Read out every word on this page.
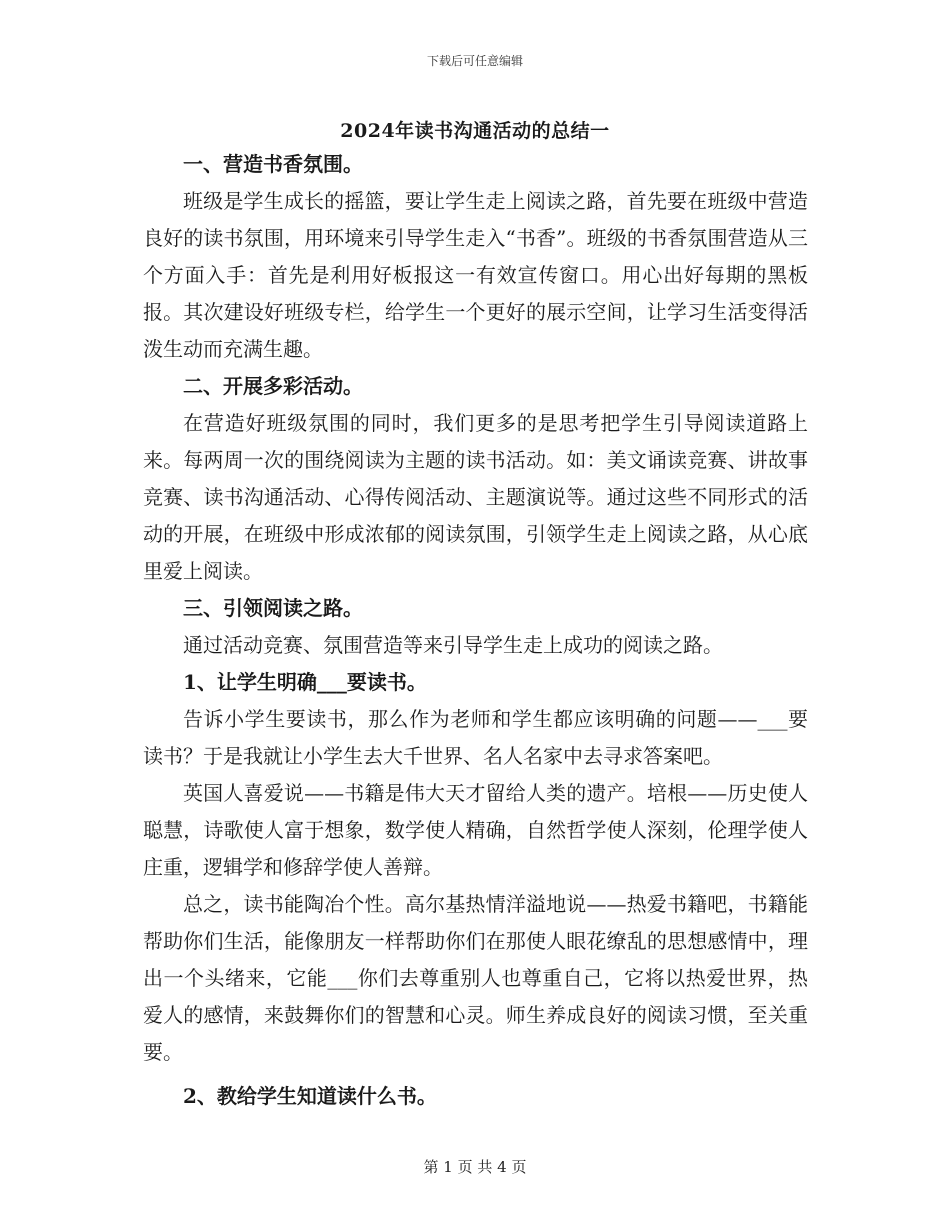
下载后可任意编辑
2024年读书沟通活动的总结一

一、营造书香氛围。

班级是学生成长的摇篮，要让学生走上阅读之路，首先要在班级中营造良好的读书氛围，用环境来引导学生走入“书香”。班级的书香氛围营造从三个方面入手：首先是利用好板报这一有效宣传窗口。用心出好每期的黑板报。其次建设好班级专栏，给学生一个更好的展示空间，让学习生活变得活泼生动而充满生趣。

二、开展多彩活动。

在营造好班级氛围的同时，我们更多的是思考把学生引导阅读道路上来。每两周一次的围绕阅读为主题的读书活动。如：美文诵读竞赛、讲故事竞赛、读书沟通活动、心得传阅活动、主题演说等。通过这些不同形式的活动的开展，在班级中形成浓郁的阅读氛围，引领学生走上阅读之路，从心底里爱上阅读。

三、引领阅读之路。

通过活动竞赛、氛围营造等来引导学生走上成功的阅读之路。

1、让学生明确___要读书。

告诉小学生要读书，那么作为老师和学生都应该明确的问题——___要读书？于是我就让小学生去大千世界、名人名家中去寻求答案吧。

英国人喜爱说——书籍是伟大天才留给人类的遗产。培根——历史使人聪慧，诗歌使人富于想象，数学使人精确，自然哲学使人深刻，伦理学使人庄重，逻辑学和修辞学使人善辩。

总之，读书能陶冶个性。高尔基热情洋溢地说——热爱书籍吧，书籍能帮助你们生活，能像朋友一样帮助你们在那使人眼花缭乱的思想感情中，理出一个头绪来，它能___你们去尊重别人也尊重自己，它将以热爱世界，热爱人的感情，来鼓舞你们的智慧和心灵。师生养成良好的阅读习惯，至关重要。

2、教给学生知道读什么书。

第 1 页 共 4 页
